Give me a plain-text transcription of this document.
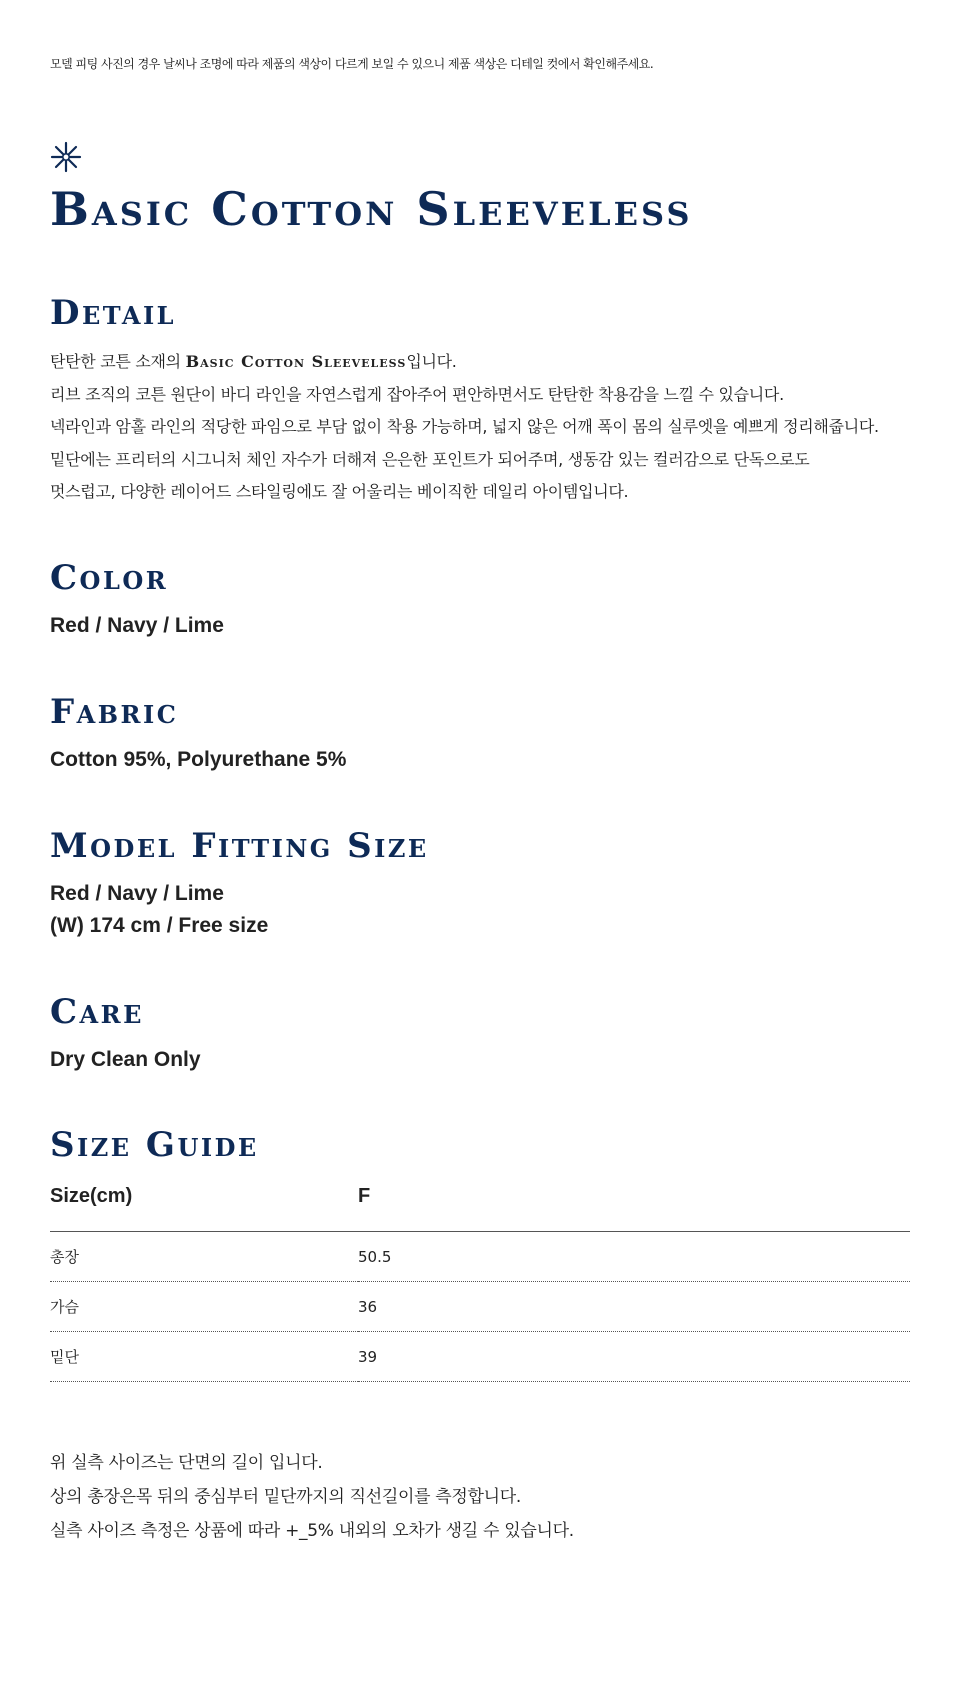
모델 피팅 사진의 경우 날씨나 조명에 따라 제품의 색상이 다르게 보일 수 있으니 제품 색상은 디테일 컷에서 확인해주세요.
Basic Cotton Sleeveless
Detail
탄탄한 코튼 소재의 Basic Cotton Sleeveless입니다.
리브 조직의 코튼 원단이 바디 라인을 자연스럽게 잡아주어 편안하면서도 탄탄한 착용감을 느낄 수 있습니다.
넥라인과 암홀 라인의 적당한 파임으로 부담 없이 착용 가능하며, 넓지 않은 어깨 폭이 몸의 실루엣을 예쁘게 정리해줍니다.
밑단에는 프리터의 시그니처 체인 자수가 더해져 은은한 포인트가 되어주며, 생동감 있는 컬러감으로 단독으로도
멋스럽고, 다양한 레이어드 스타일링에도 잘 어울리는 베이직한 데일리 아이템입니다.
Color
Red / Navy / Lime
Fabric
Cotton 95%, Polyurethane 5%
Model Fitting Size
Red / Navy / Lime
(W) 174 cm / Free size
Care
Dry Clean Only
Size Guide
Size(cm)	F
총장	50.5
가슴	36
밑단	39
위 실측 사이즈는 단면의 길이 입니다.
상의 총장은목 뒤의 중심부터 밑단까지의 직선길이를 측정합니다.
실측 사이즈 측정은 상품에 따라 +_5% 내외의 오차가 생길 수 있습니다.
